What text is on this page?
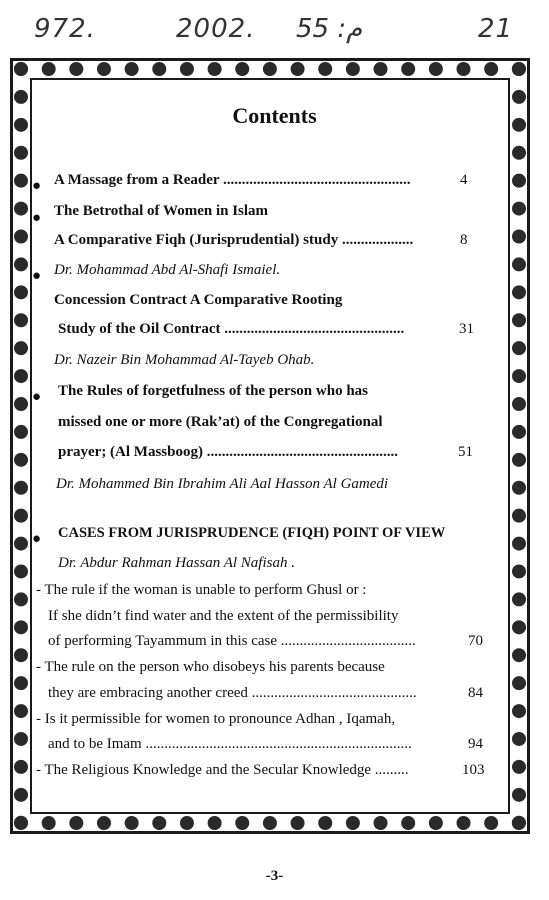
972.	2002. م: 55	21
Contents
● A Massage from a Reader ..................................................	4
● The Betrothal of Women in Islam
A Comparative Fiqh (Jurisprudential) study ...................	8
● Dr. Mohammad Abd Al-Shafi Ismaiel.
Concession Contract A Comparative Rooting
Study of the Oil Contract ................................................	31
Dr. Nazeir Bin Mohammad Al-Tayeb Ohab.
● The Rules of forgetfulness of the person who has
missed one or more (Rak’at) of the Congregational
prayer; (Al Massboog) ...................................................	51
Dr. Mohammed Bin Ibrahim Ali Aal Hasson Al Gamedi
● CASES FROM JURISPRUDENCE (FIQH) POINT OF VIEW
Dr. Abdur Rahman Hassan Al Nafisah .
- The rule if the woman is unable to perform Ghusl or :
If she didn’t find water and the extent of the permissibility
of performing Tayammum in this case ....................................	70
- The rule on the person who disobeys his parents because
they are embracing another creed ............................................	84
- Is it permissible for women to pronounce Adhan , Iqamah,
and to be Imam .......................................................................	94
- The Religious Knowledge and the Secular Knowledge .........	103
-3-
